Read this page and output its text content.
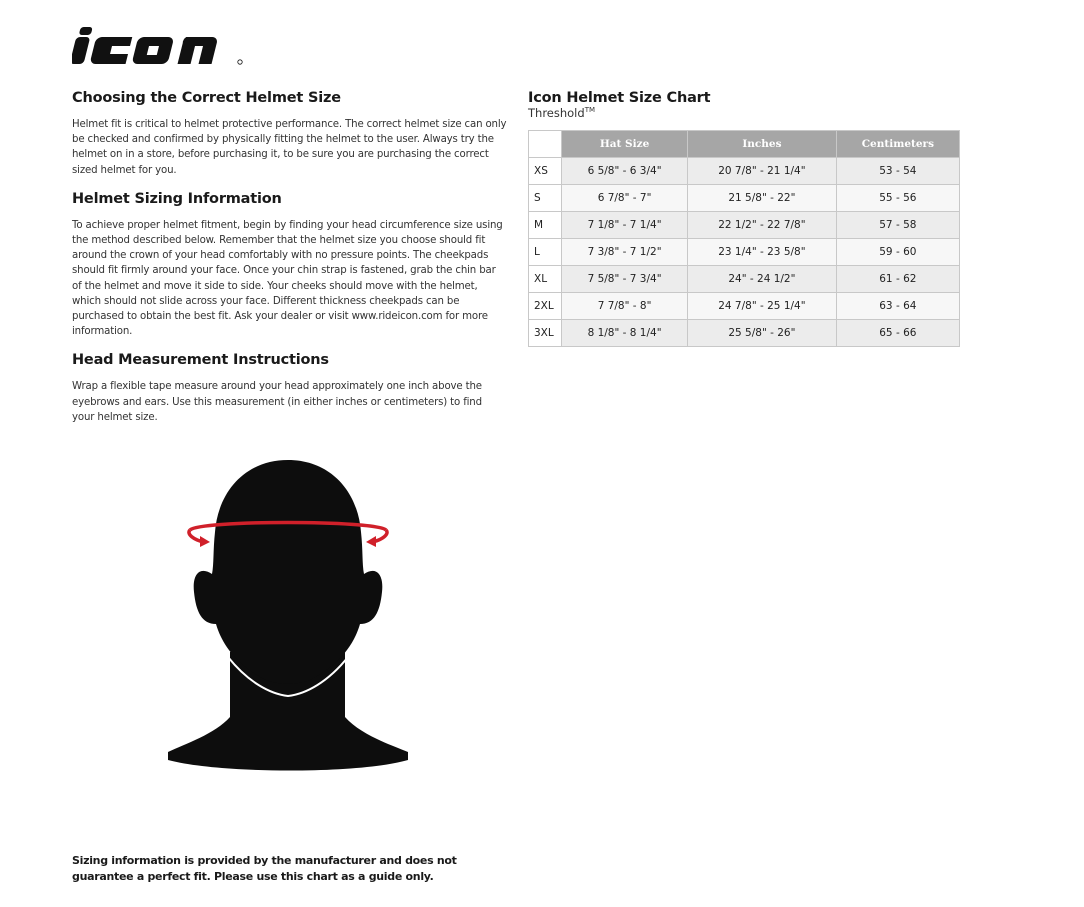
Choosing the Correct Helmet Size

Helmet fit is critical to helmet protective performance. The correct helmet size can only be checked and confirmed by physically fitting the helmet to the user. Always try the helmet on in a store, before purchasing it, to be sure you are purchasing the correct sized helmet for you.

Helmet Sizing Information

To achieve proper helmet fitment, begin by finding your head circumference size using the method described below. Remember that the helmet size you choose should fit around the crown of your head comfortably with no pressure points. The cheekpads should fit firmly around your face. Once your chin strap is fastened, grab the chin bar of the helmet and move it side to side. Your cheeks should move with the helmet, which should not slide across your face. Different thickness cheekpads can be purchased to obtain the best fit. Ask your dealer or visit www.rideicon.com for more information.

Head Measurement Instructions

Wrap a flexible tape measure around your head approximately one inch above the eyebrows and ears. Use this measurement (in either inches or centimeters) to find your helmet size.

Sizing information is provided by the manufacturer and does not guarantee a perfect fit. Please use this chart as a guide only.
Icon Helmet Size Chart
Threshold™
	Hat Size	Inches	Centimeters
XS	6 5/8" - 6 3/4"	20 7/8" - 21 1/4"	53 - 54
S	6 7/8" - 7"	21 5/8" - 22"	55 - 56
M	7 1/8" - 7 1/4"	22 1/2" - 22 7/8"	57 - 58
L	7 3/8" - 7 1/2"	23 1/4" - 23 5/8"	59 - 60
XL	7 5/8" - 7 3/4"	24" - 24 1/2"	61 - 62
2XL	7 7/8" - 8"	24 7/8" - 25 1/4"	63 - 64
3XL	8 1/8" - 8 1/4"	25 5/8" - 26"	65 - 66
